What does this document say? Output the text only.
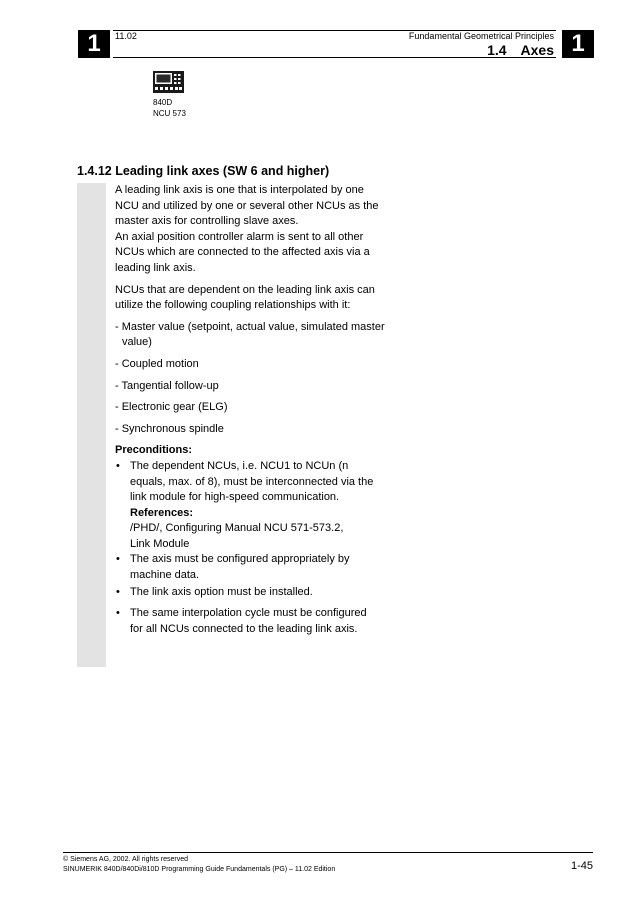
1	11.02	Fundamental Geometrical Principles
1.4 Axes 1
840D
NCU 573
1.4.12 Leading link axes (SW 6 and higher)

A leading link axis is one that is interpolated by one

NCU and utilized by one or several other NCUs as the

master axis for controlling slave axes.

An axial position controller alarm is sent to all other

NCUs which are connected to the affected axis via a

leading link axis.

NCUs that are dependent on the leading link axis can

utilize the following coupling relationships with it:

- Master value (setpoint, actual value, simulated master value)

- Coupled motion

- Tangential follow-up

- Electronic gear (ELG)

- Synchronous spindle

Preconditions:

• The dependent NCUs, i.e. NCU1 to NCUn (n

equals, max. of 8), must be interconnected via the

link module for high-speed communication.

References:

/PHD/, Configuring Manual NCU 571-573.2,

Link Module

• The axis must be configured appropriately by

machine data.

• The link axis option must be installed.

• The same interpolation cycle must be configured

for all NCUs connected to the leading link axis.

© Siemens AG, 2002. All rights reserved
SINUMERIK 840D/840Di/810D Programming Guide Fundamentals (PG) – 11.02 Edition	1-45
